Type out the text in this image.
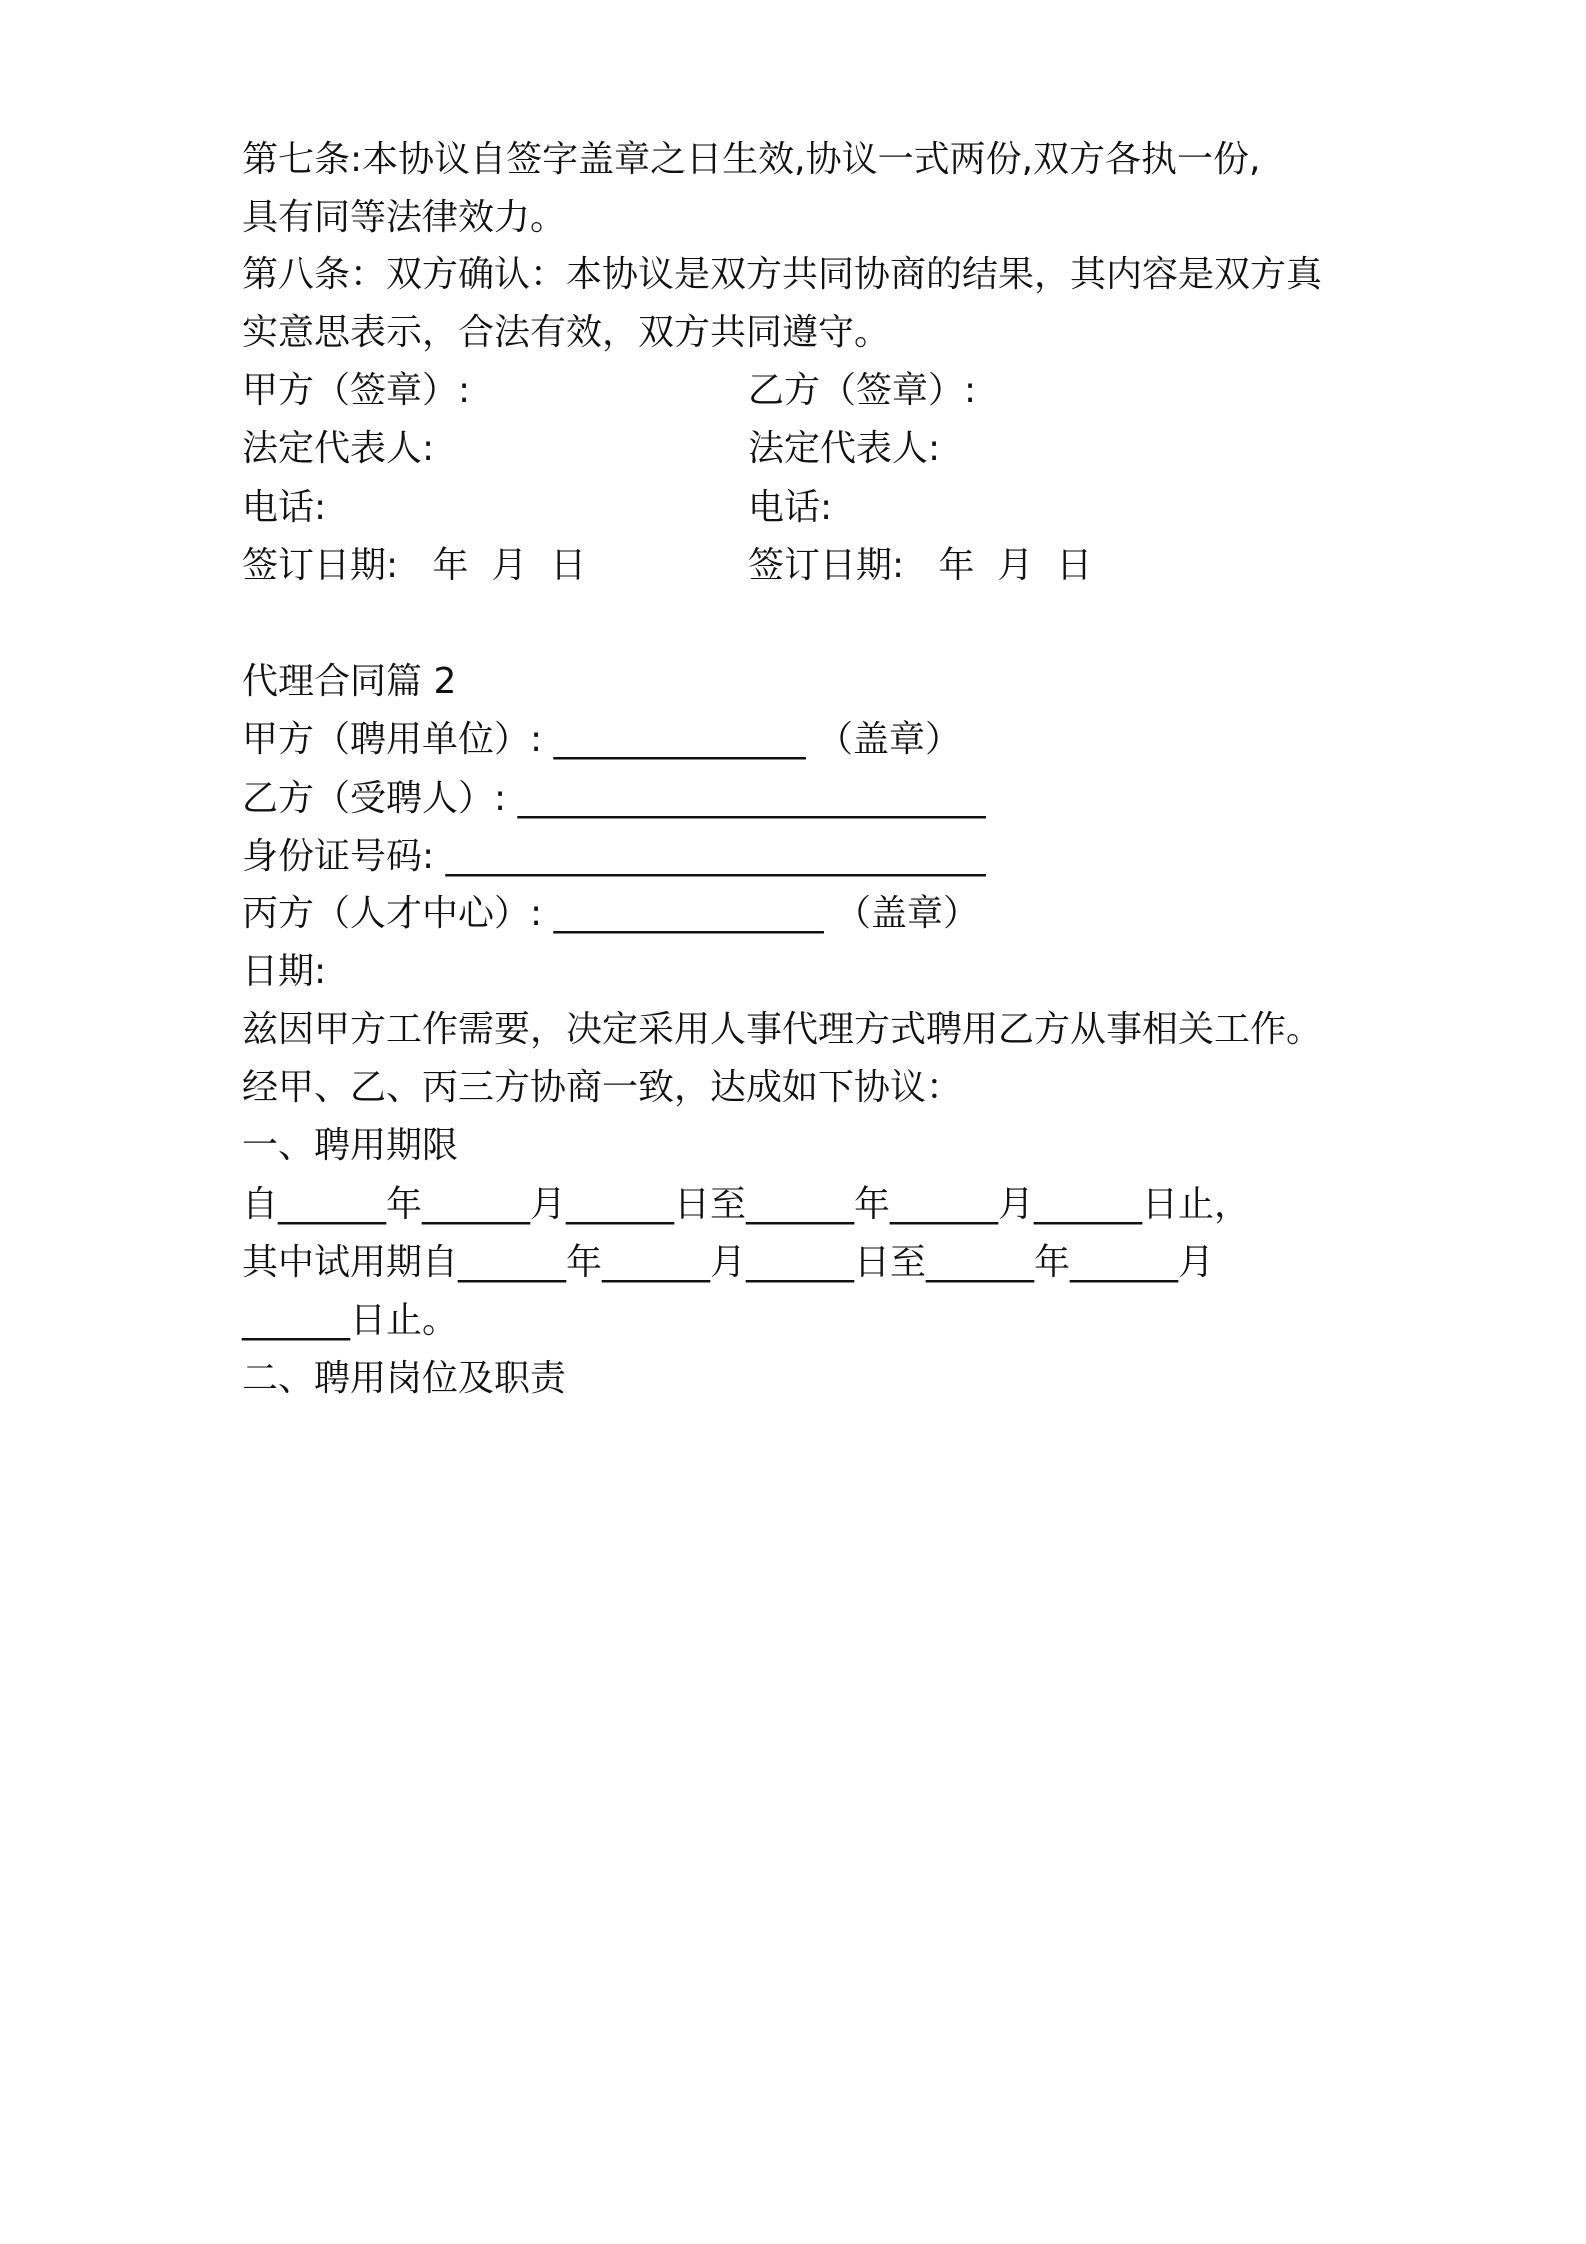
第七条:本协议自签字盖章之日生效,协议一式两份,双方各执一份,
具有同等法律效力。
第八条：双方确认：本协议是双方共同协商的结果，其内容是双方真
实意思表示，合法有效，双方共同遵守。
甲方（签章）:	乙方（签章）:
法定代表人:	法定代表人:
电话:	电话:
签订日期:   年  月  日	签订日期:   年  月  日
代理合同篇 2
甲方（聘用单位）: ______________ （盖章）
乙方（受聘人）: __________________________
身份证号码: ______________________________
丙方（人才中心）: _______________ （盖章）
日期:
兹因甲方工作需要，决定采用人事代理方式聘用乙方从事相关工作。
经甲、乙、丙三方协商一致，达成如下协议：
一、聘用期限
自______年______月______日至______年______月______日止，
其中试用期自______年______月______日至______年______月
______日止。
二、聘用岗位及职责
